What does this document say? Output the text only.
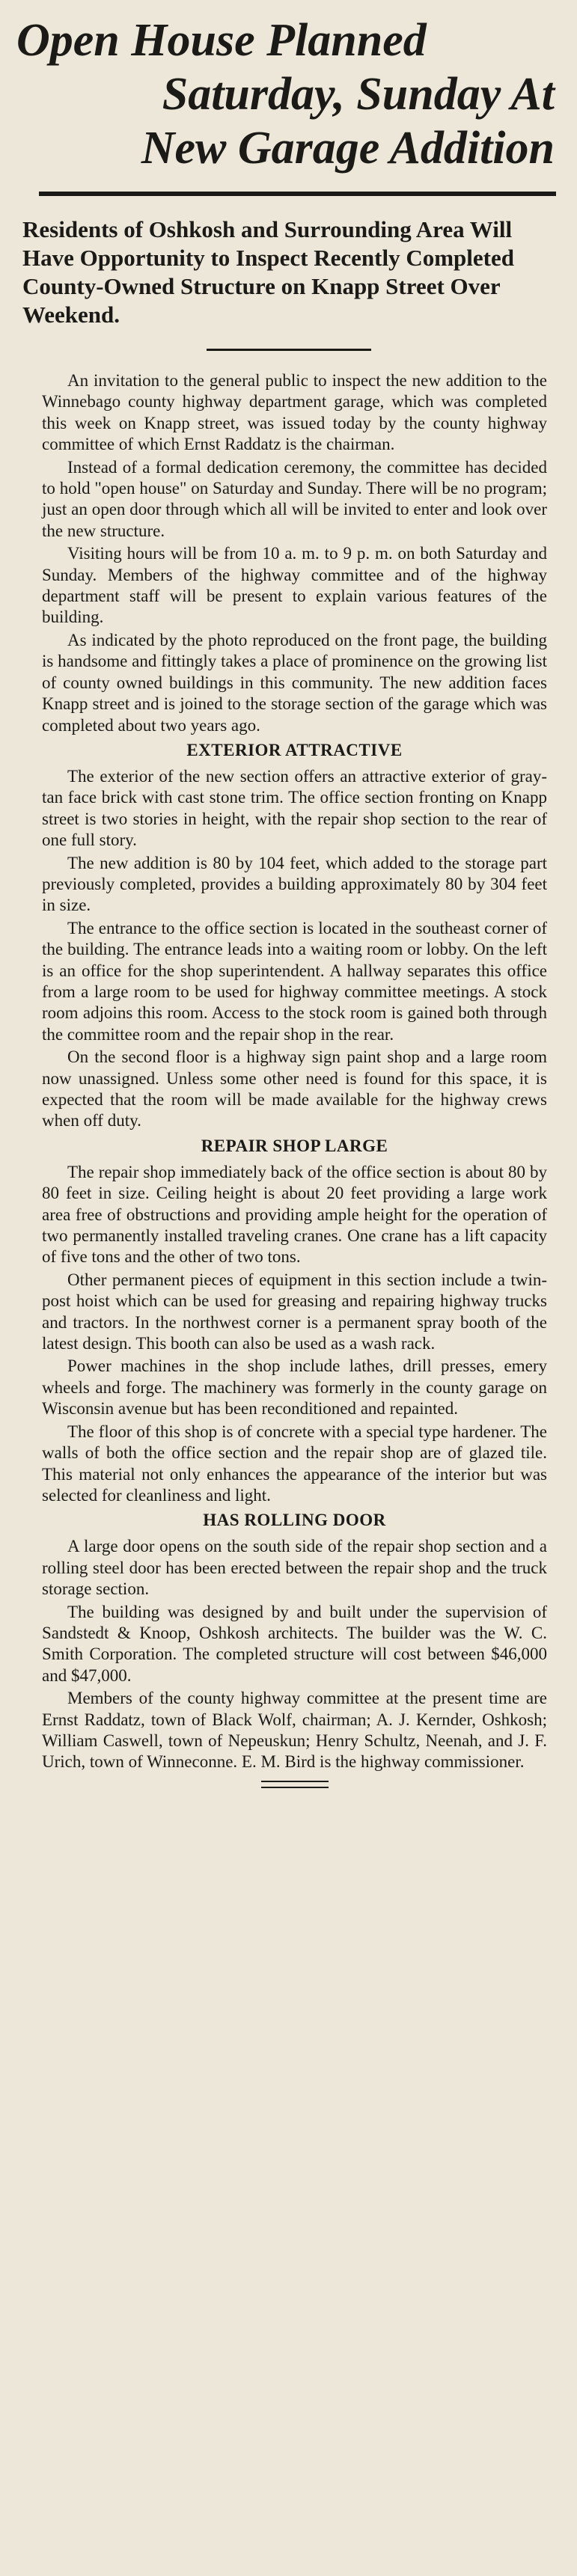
Open House Planned
Saturday, Sunday At
New Garage Addition
Residents of Oshkosh and Surrounding Area Will Have Opportunity to Inspect Recently Completed County-Owned Structure on Knapp Street Over Weekend.

An invitation to the general public to inspect the new addition to the Winnebago county highway department garage, which was completed this week on Knapp street, was issued today by the county highway committee of which Ernst Raddatz is the chairman.

Instead of a formal dedication ceremony, the committee has decided to hold "open house" on Saturday and Sunday. There will be no program; just an open door through which all will be invited to enter and look over the new structure.

Visiting hours will be from 10 a. m. to 9 p. m. on both Saturday and Sunday. Members of the highway committee and of the highway department staff will be present to explain various features of the building.

As indicated by the photo reproduced on the front page, the building is handsome and fittingly takes a place of prominence on the growing list of county owned buildings in this community. The new addition faces Knapp street and is joined to the storage section of the garage which was completed about two years ago.

EXTERIOR ATTRACTIVE

The exterior of the new section offers an attractive exterior of gray-tan face brick with cast stone trim. The office section fronting on Knapp street is two stories in height, with the repair shop section to the rear of one full story.

The new addition is 80 by 104 feet, which added to the storage part previously completed, provides a building approximately 80 by 304 feet in size.

The entrance to the office section is located in the southeast corner of the building. The entrance leads into a waiting room or lobby. On the left is an office for the shop superintendent. A hallway separates this office from a large room to be used for highway committee meetings. A stock room adjoins this room. Access to the stock room is gained both through the committee room and the repair shop in the rear.

On the second floor is a highway sign paint shop and a large room now unassigned. Unless some other need is found for this space, it is expected that the room will be made available for the highway crews when off duty.

REPAIR SHOP LARGE

The repair shop immediately back of the office section is about 80 by 80 feet in size. Ceiling height is about 20 feet providing a large work area free of obstructions and providing ample height for the operation of two permanently installed traveling cranes. One crane has a lift capacity of five tons and the other of two tons.

Other permanent pieces of equipment in this section include a twin-post hoist which can be used for greasing and repairing highway trucks and tractors. In the northwest corner is a permanent spray booth of the latest design. This booth can also be used as a wash rack.

Power machines in the shop include lathes, drill presses, emery wheels and forge. The machinery was formerly in the county garage on Wisconsin avenue but has been reconditioned and repainted.

The floor of this shop is of concrete with a special type hardener. The walls of both the office section and the repair shop are of glazed tile. This material not only enhances the appearance of the interior but was selected for cleanliness and light.

HAS ROLLING DOOR

A large door opens on the south side of the repair shop section and a rolling steel door has been erected between the repair shop and the truck storage section.

The building was designed by and built under the supervision of Sandstedt & Knoop, Oshkosh architects. The builder was the W. C. Smith Corporation. The completed structure will cost between $46,000 and $47,000.

Members of the county highway committee at the present time are Ernst Raddatz, town of Black Wolf, chairman; A. J. Kernder, Oshkosh; William Caswell, town of Nepeuskun; Henry Schultz, Neenah, and J. F. Urich, town of Winneconne. E. M. Bird is the highway commissioner.
